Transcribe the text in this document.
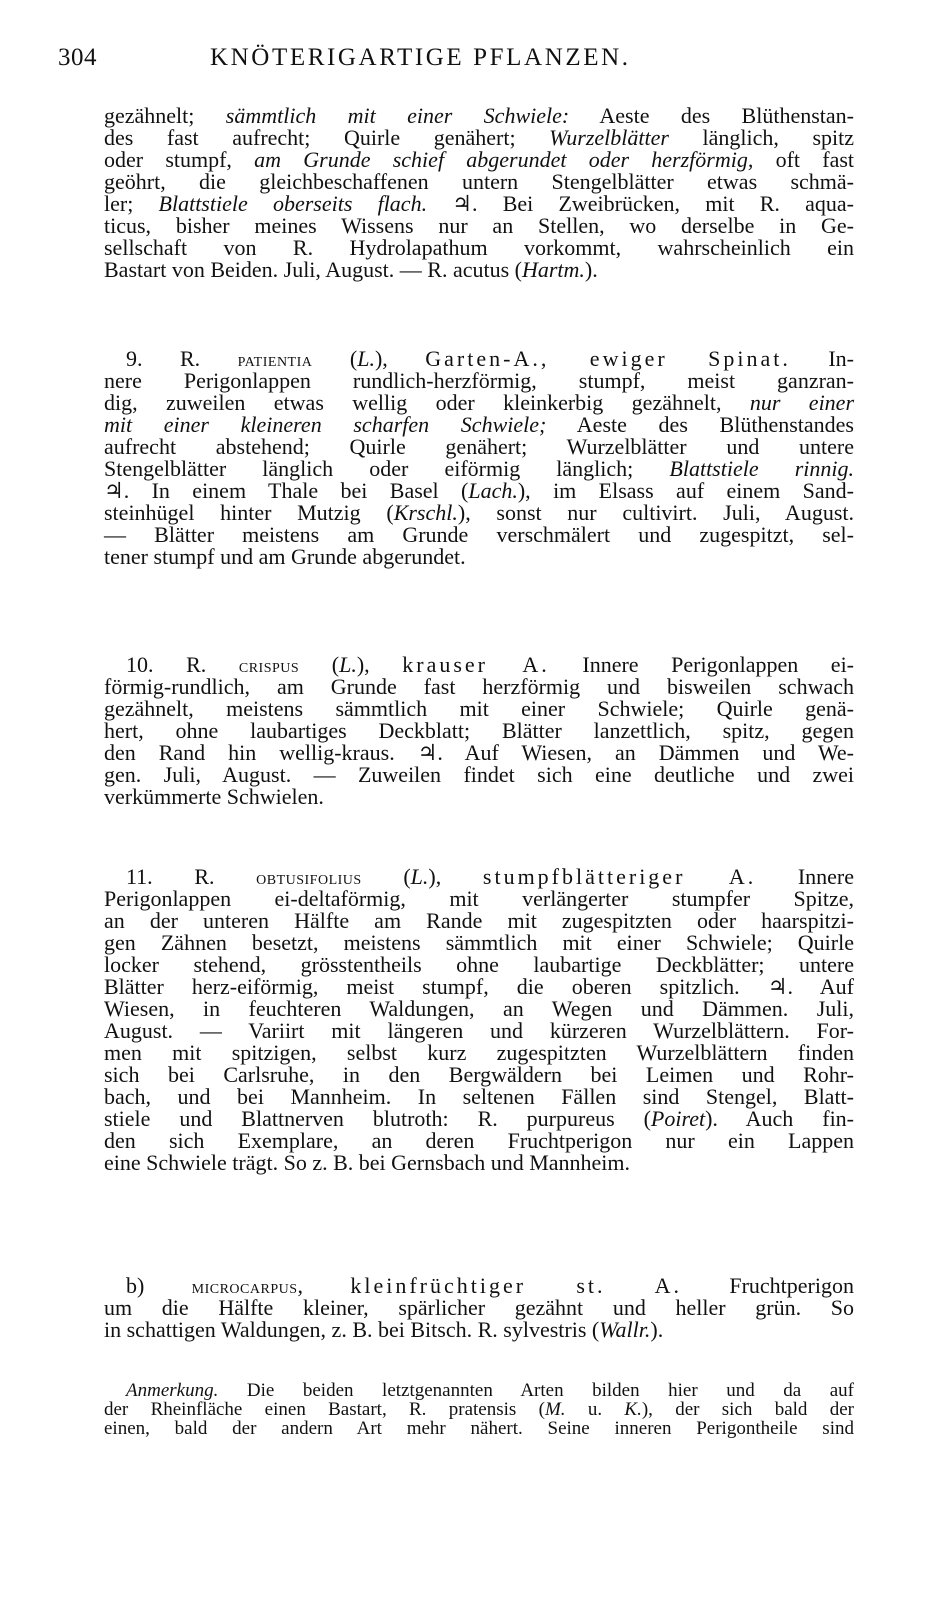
304	KNÖTERIGARTIGE PFLANZEN.
gezähnelt; sämmtlich mit einer Schwiele: Aeste des Blüthenstan-
des fast aufrecht; Quirle genähert; Wurzelblätter länglich, spitz
oder stumpf, am Grunde schief abgerundet oder herzförmig, oft fast
geöhrt, die gleichbeschaffenen untern Stengelblätter etwas schmä-
ler; Blattstiele oberseits flach. ♃. Bei Zweibrücken, mit R. aqua-
ticus, bisher meines Wissens nur an Stellen, wo derselbe in Ge-
sellschaft von R. Hydrolapathum vorkommt, wahrscheinlich ein
Bastart von Beiden. Juli, August. — R. acutus (Hartm.).
9. R. patientia (L.), Garten-A., ewiger Spinat. In-
nere Perigonlappen rundlich-herzförmig, stumpf, meist ganzran-
dig, zuweilen etwas wellig oder kleinkerbig gezähnelt, nur einer
mit einer kleineren scharfen Schwiele; Aeste des Blüthenstandes
aufrecht abstehend; Quirle genähert; Wurzelblätter und untere
Stengelblätter länglich oder eiförmig länglich; Blattstiele rinnig.
♃. In einem Thale bei Basel (Lach.), im Elsass auf einem Sand-
steinhügel hinter Mutzig (Krschl.), sonst nur cultivirt. Juli, August.
— Blätter meistens am Grunde verschmälert und zugespitzt, sel-
tener stumpf und am Grunde abgerundet.
10. R. crispus (L.), krauser A. Innere Perigonlappen ei-
förmig-rundlich, am Grunde fast herzförmig und bisweilen schwach
gezähnelt, meistens sämmtlich mit einer Schwiele; Quirle genä-
hert, ohne laubartiges Deckblatt; Blätter lanzettlich, spitz, gegen
den Rand hin wellig-kraus. ♃. Auf Wiesen, an Dämmen und We-
gen. Juli, August. — Zuweilen findet sich eine deutliche und zwei
verkümmerte Schwielen.
11. R. obtusifolius (L.), stumpfblätteriger A. Innere
Perigonlappen ei-deltaförmig, mit verlängerter stumpfer Spitze,
an der unteren Hälfte am Rande mit zugespitzten oder haarspitzi-
gen Zähnen besetzt, meistens sämmtlich mit einer Schwiele; Quirle
locker stehend, grösstentheils ohne laubartige Deckblätter; untere
Blätter herz-eiförmig, meist stumpf, die oberen spitzlich. ♃. Auf
Wiesen, in feuchteren Waldungen, an Wegen und Dämmen. Juli,
August. — Variirt mit längeren und kürzeren Wurzelblättern. For-
men mit spitzigen, selbst kurz zugespitzten Wurzelblättern finden
sich bei Carlsruhe, in den Bergwäldern bei Leimen und Rohr-
bach, und bei Mannheim. In seltenen Fällen sind Stengel, Blatt-
stiele und Blattnerven blutroth: R. purpureus (Poiret). Auch fin-
den sich Exemplare, an deren Fruchtperigon nur ein Lappen
eine Schwiele trägt. So z. B. bei Gernsbach und Mannheim.
b) microcarpus, kleinfrüchtiger st. A. Fruchtperigon
um die Hälfte kleiner, spärlicher gezähnt und heller grün. So
in schattigen Waldungen, z. B. bei Bitsch. R. sylvestris (Wallr.).
Anmerkung. Die beiden letztgenannten Arten bilden hier und da auf
der Rheinfläche einen Bastart, R. pratensis (M. u. K.), der sich bald der
einen, bald der andern Art mehr nähert. Seine inneren Perigontheile sind
